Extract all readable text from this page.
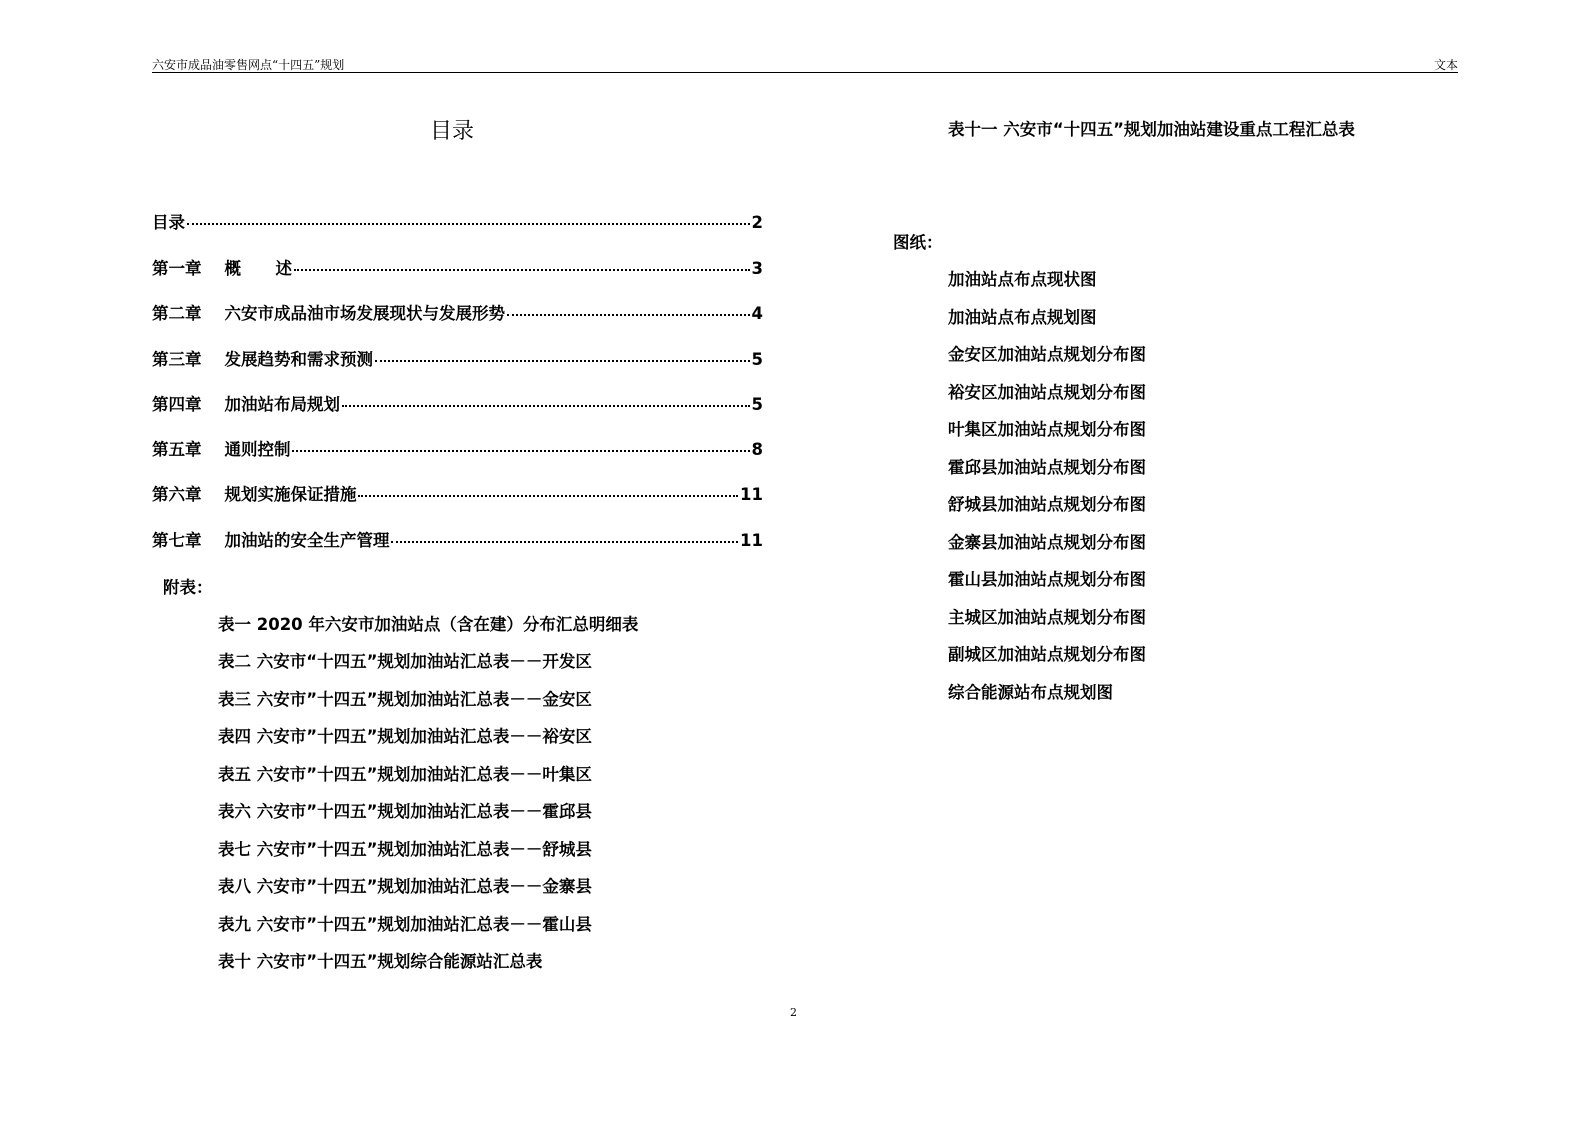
六安市成品油零售网点“十四五”规划	文本
目录
目录	2
第一章    概      述	3
第二章    六安市成品油市场发展现状与发展形势	4
第三章    发展趋势和需求预测	5
第四章    加油站布局规划	5
第五章    通则控制	8
第六章    规划实施保证措施	11
第七章    加油站的安全生产管理	11
附表：
表一 2020 年六安市加油站点（含在建）分布汇总明细表
表二 六安市“十四五”规划加油站汇总表－－开发区
表三 六安市”十四五”规划加油站汇总表－－金安区
表四 六安市”十四五”规划加油站汇总表－－裕安区
表五 六安市”十四五”规划加油站汇总表－－叶集区
表六 六安市”十四五”规划加油站汇总表－－霍邱县
表七 六安市”十四五”规划加油站汇总表－－舒城县
表八 六安市”十四五”规划加油站汇总表－－金寨县
表九 六安市”十四五”规划加油站汇总表－－霍山县
表十 六安市”十四五”规划综合能源站汇总表
表十一 六安市“十四五”规划加油站建设重点工程汇总表
图纸：
加油站点布点现状图
加油站点布点规划图
金安区加油站点规划分布图
裕安区加油站点规划分布图
叶集区加油站点规划分布图
霍邱县加油站点规划分布图
舒城县加油站点规划分布图
金寨县加油站点规划分布图
霍山县加油站点规划分布图
主城区加油站点规划分布图
副城区加油站点规划分布图
综合能源站布点规划图
2
